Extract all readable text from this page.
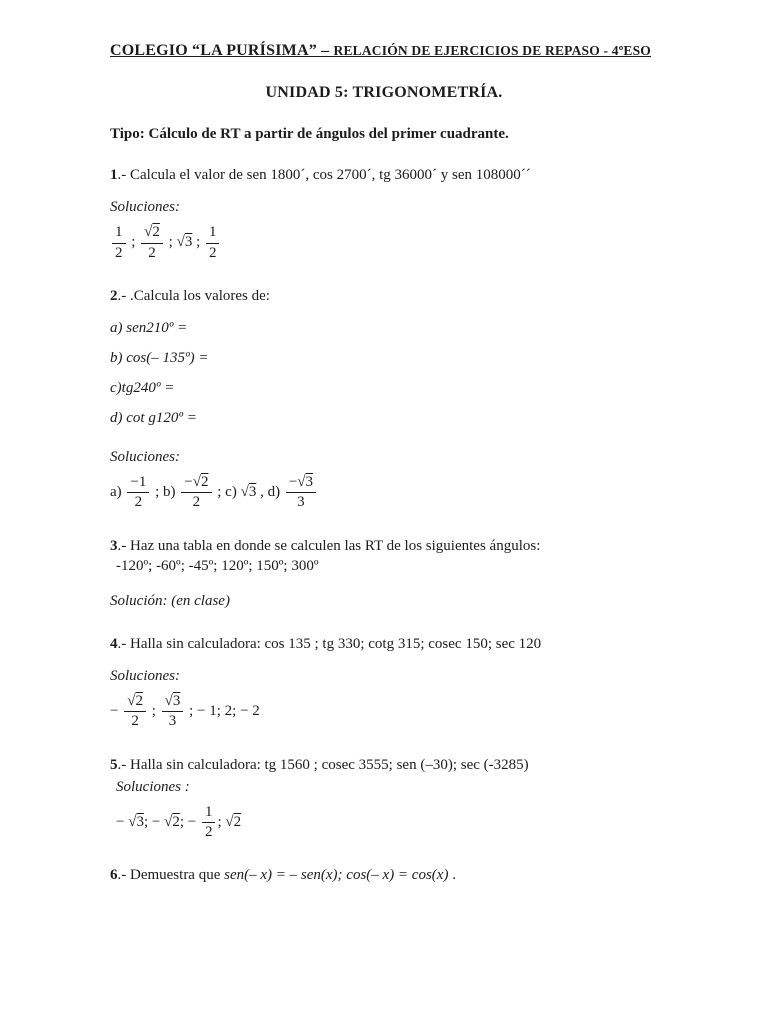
COLEGIO “LA PURÍSIMA” – RELACIÓN DE EJERCICIOS DE REPASO - 4ºESO
UNIDAD 5: TRIGONOMETRÍA.

Tipo: Cálculo de RT a partir de ángulos del primer cuadrante.

1.- Calcula el valor de sen 1800´, cos 2700´, tg 36000´ y sen 108000´´

Soluciones:

$\frac{1}{2}$ ; $\frac{√2}{2}$ ; √3 ; $\frac{1}{2}$

2.- .Calcula los valores de:

a) sen210º =

b) cos(– 135º) =

c)tg240º =

d) cot g120º =

Soluciones:

$a) \frac{-1}{2}$ ; $b) \frac{-√2}{2}$ ; c) √3 , $d) \frac{-√3}{3}$

3.- Haz una tabla en donde se calculen las RT de los siguientes ángulos:

-120º; -60º; -45º; 120º; 150º; 300º

Solución: (en clase)

4.- Halla sin calculadora: cos 135 ; tg 330; cotg 315; cosec 150; sec 120

Soluciones:

− $\frac{√2}{2}$ ; $\frac{√3}{3}$ ; − 1; 2; − 2

5.- Halla sin calculadora: tg 1560 ; cosec 3555; sen (–30); sec (-3285)

Soluciones :

− √3; − √2; − $\frac{1}{2}$ ; √2

6.- Demuestra que sen(– x) = – sen(x); cos(– x) = cos(x) .
